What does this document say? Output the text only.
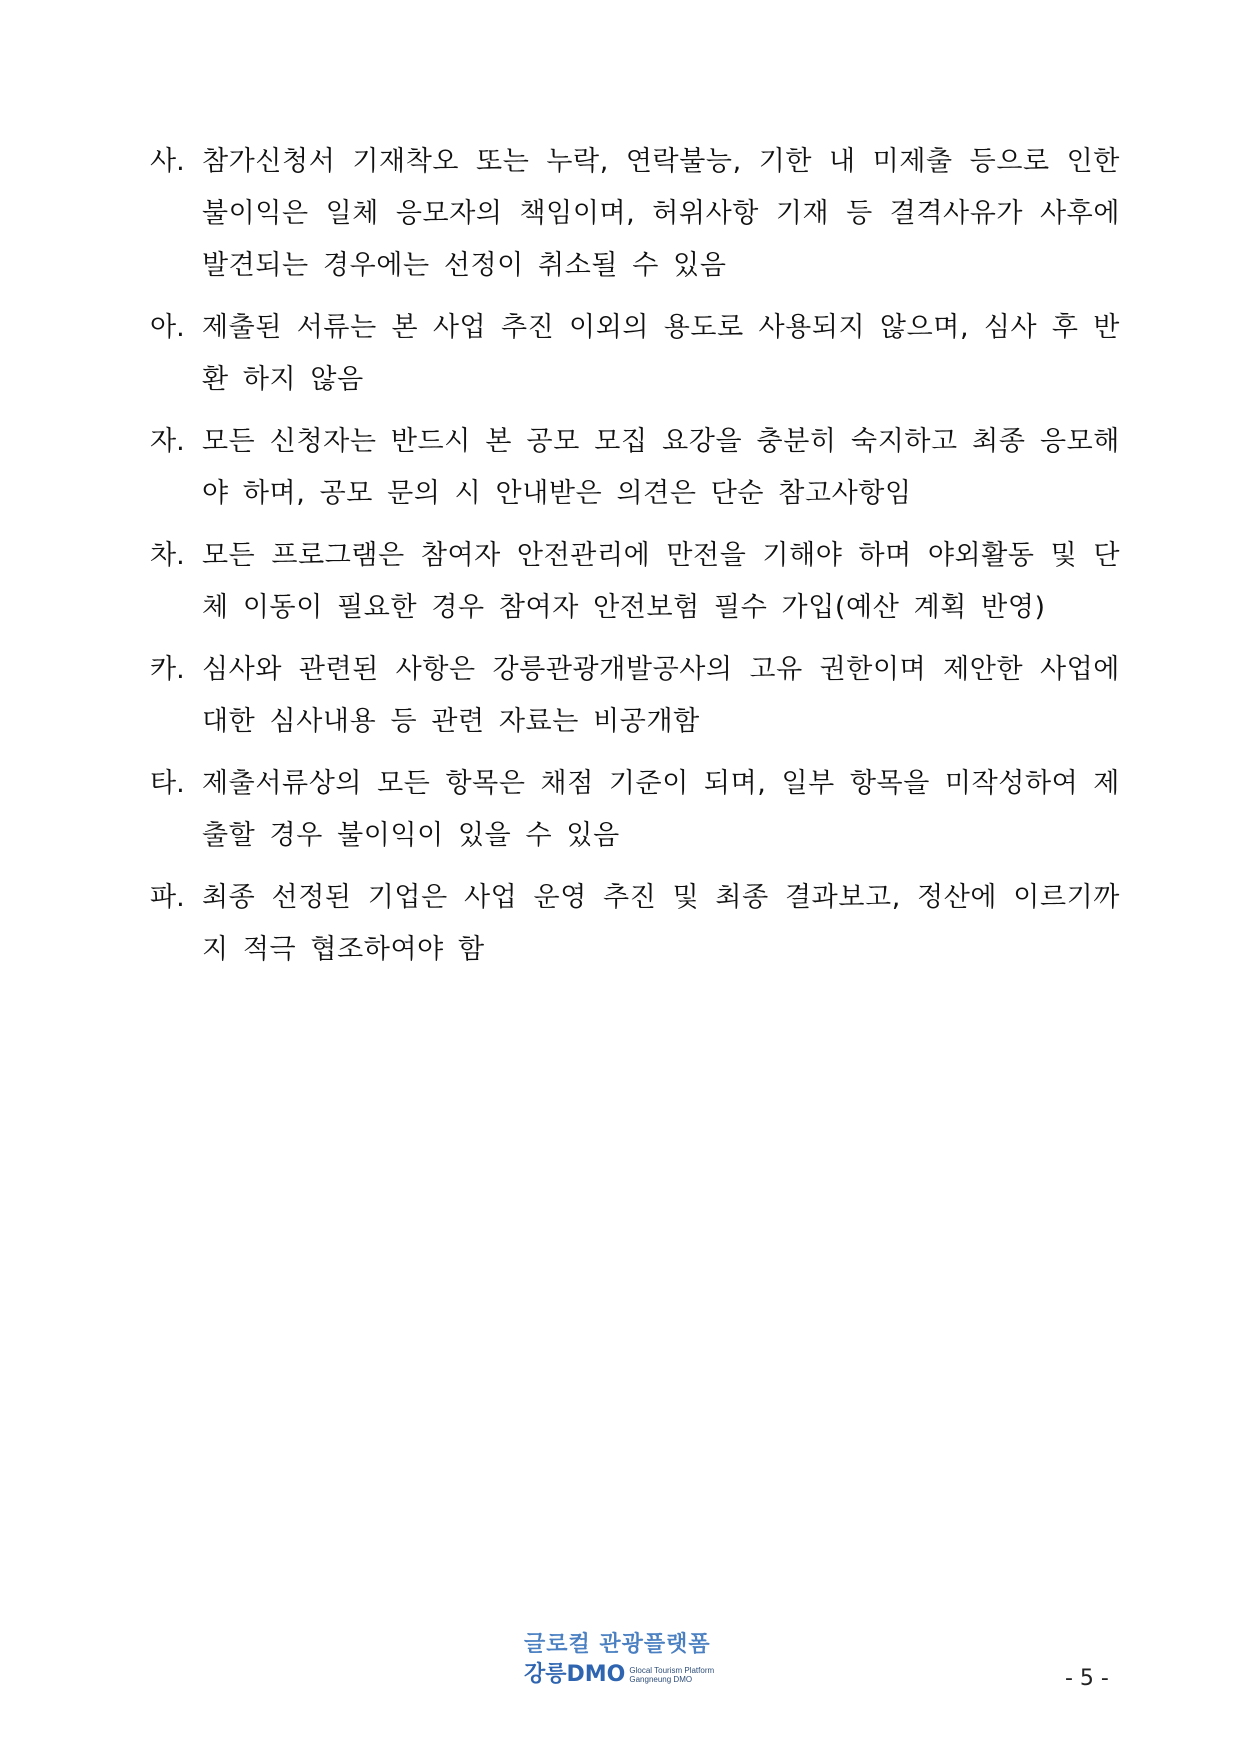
사. 참가신청서 기재착오 또는 누락, 연락불능, 기한 내 미제출 등으로 인한 불이익은 일체 응모자의 책임이며, 허위사항 기재 등 결격사유가 사후에 발견되는 경우에는 선정이 취소될 수 있음
아. 제출된 서류는 본 사업 추진 이외의 용도로 사용되지 않으며, 심사 후 반환 하지 않음
자. 모든 신청자는 반드시 본 공모 모집 요강을 충분히 숙지하고 최종 응모해야 하며, 공모 문의 시 안내받은 의견은 단순 참고사항임
차. 모든 프로그램은 참여자 안전관리에 만전을 기해야 하며 야외활동 및 단체 이동이 필요한 경우 참여자 안전보험 필수 가입(예산 계획 반영)
카. 심사와 관련된 사항은 강릉관광개발공사의 고유 권한이며 제안한 사업에 대한 심사내용 등 관련 자료는 비공개함
타. 제출서류상의 모든 항목은 채점 기준이 되며, 일부 항목을 미작성하여 제출할 경우 불이익이 있을 수 있음
파. 최종 선정된 기업은 사업 운영 추진 및 최종 결과보고, 정산에 이르기까지 적극 협조하여야 함
글로컬 관광플랫폼
강릉DMO Glocal Tourism Platform
Gangneung DMO	- 5 -
